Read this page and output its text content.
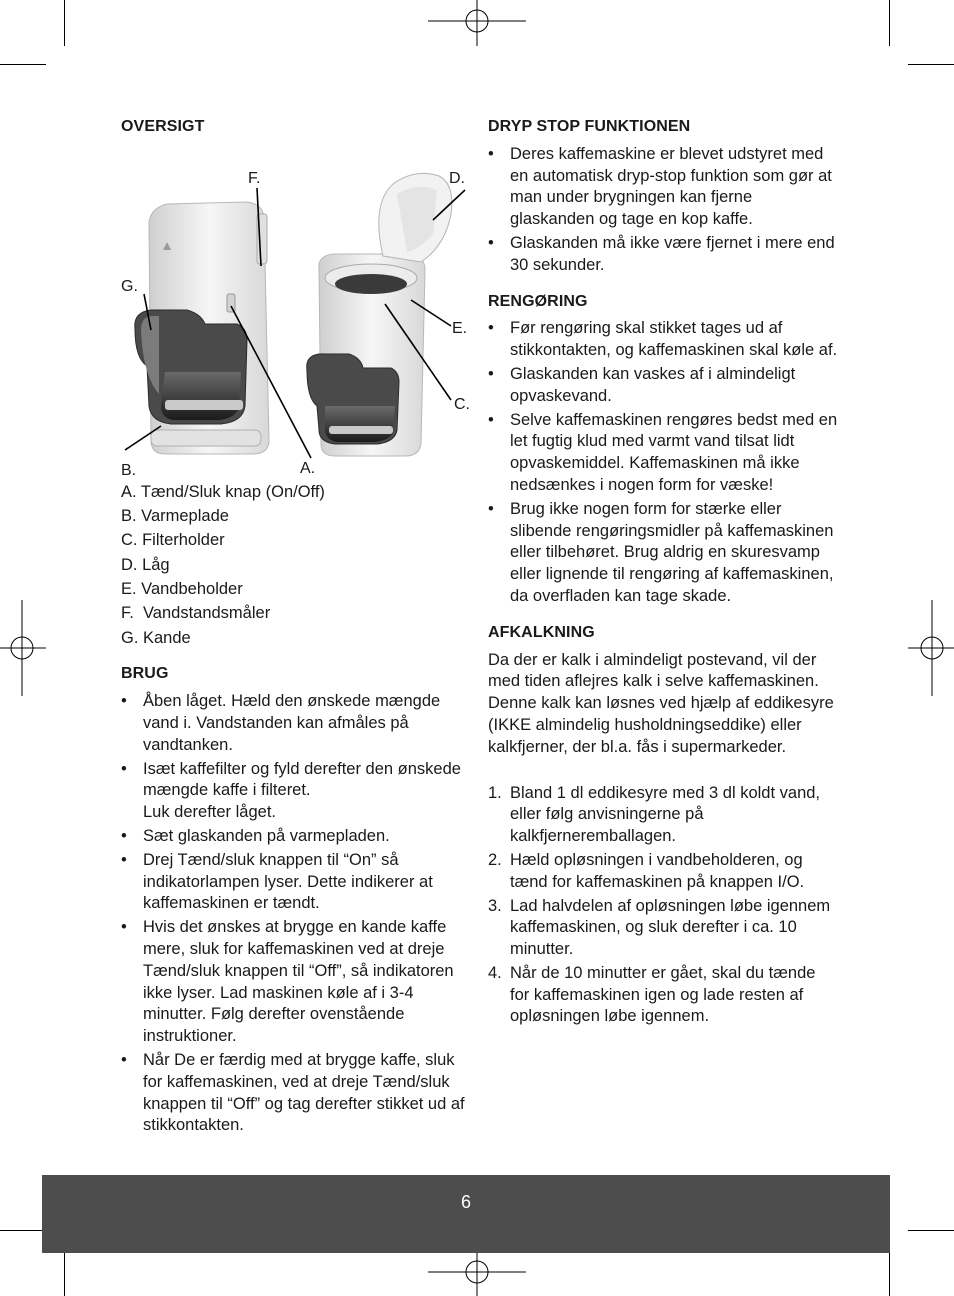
OVERSIGT
F.	D.
G.
E.
C.
B.	A.
A. Tænd/Sluk knap (On/Off)
B. Varmeplade
C. Filterholder
D. Låg
E. Vandbeholder
F.  Vandstandsmåler
G. Kande
BRUG
• Åben låget. Hæld den ønskede mængde vand i. Vandstanden kan afmåles på vandtanken.
• Isæt kaffefilter og fyld derefter den ønskede mængde kaffe i filteret.
Luk derefter låget.
• Sæt glaskanden på varmepladen.
• Drej Tænd/sluk knappen til “On” så indikatorlampen lyser. Dette indikerer at kaffemaskinen er tændt.
• Hvis det ønskes at brygge en kande kaffe mere, sluk for kaffemaskinen ved at dreje Tænd/sluk knappen til “Off”, så indikatoren ikke lyser. Lad maskinen køle af i 3-4 minutter. Følg derefter ovenstående instruktioner.
• Når De er færdig med at brygge kaffe, sluk for kaffemaskinen, ved at dreje Tænd/sluk knappen til “Off” og tag derefter stikket ud af stikkontakten.
DRYP STOP FUNKTIONEN
• Deres kaffemaskine er blevet udstyret med en automatisk dryp-stop funktion som gør at man under brygningen kan fjerne glaskanden og tage en kop kaffe.
• Glaskanden må ikke være fjernet i mere end 30 sekunder.
RENGØRING
• Før rengøring skal stikket tages ud af stikkontakten, og kaffemaskinen skal køle af.
• Glaskanden kan vaskes af i almindeligt opvaskevand.
• Selve kaffemaskinen rengøres bedst med en let fugtig klud med varmt vand tilsat lidt opvaskemiddel. Kaffemaskinen må ikke nedsænkes i nogen form for væske!
• Brug ikke nogen form for stærke eller slibende rengøringsmidler på kaffemaskinen eller tilbehøret. Brug aldrig en skuresvamp eller lignende til rengøring af kaffemaskinen, da overfladen kan tage skade.
AFKALKNING

Da der er kalk i almindeligt postevand, vil der med tiden aflejres kalk i selve kaffemaskinen. Denne kalk kan løsnes ved hjælp af eddikesyre (IKKE almindelig husholdningseddike) eller kalkfjerner, der bl.a. fås i supermarkeder.

1. Bland 1 dl eddikesyre med 3 dl koldt vand, eller følg anvisningerne på kalkfjerneremballagen.
2. Hæld opløsningen i vandbeholderen, og tænd for kaffemaskinen på knappen I/O.
3. Lad halvdelen af opløsningen løbe igennem kaffemaskinen, og sluk derefter i ca. 10 minutter.
4. Når de 10 minutter er gået, skal du tænde for kaffemaskinen igen og lade resten af opløsningen løbe igennem.
6
